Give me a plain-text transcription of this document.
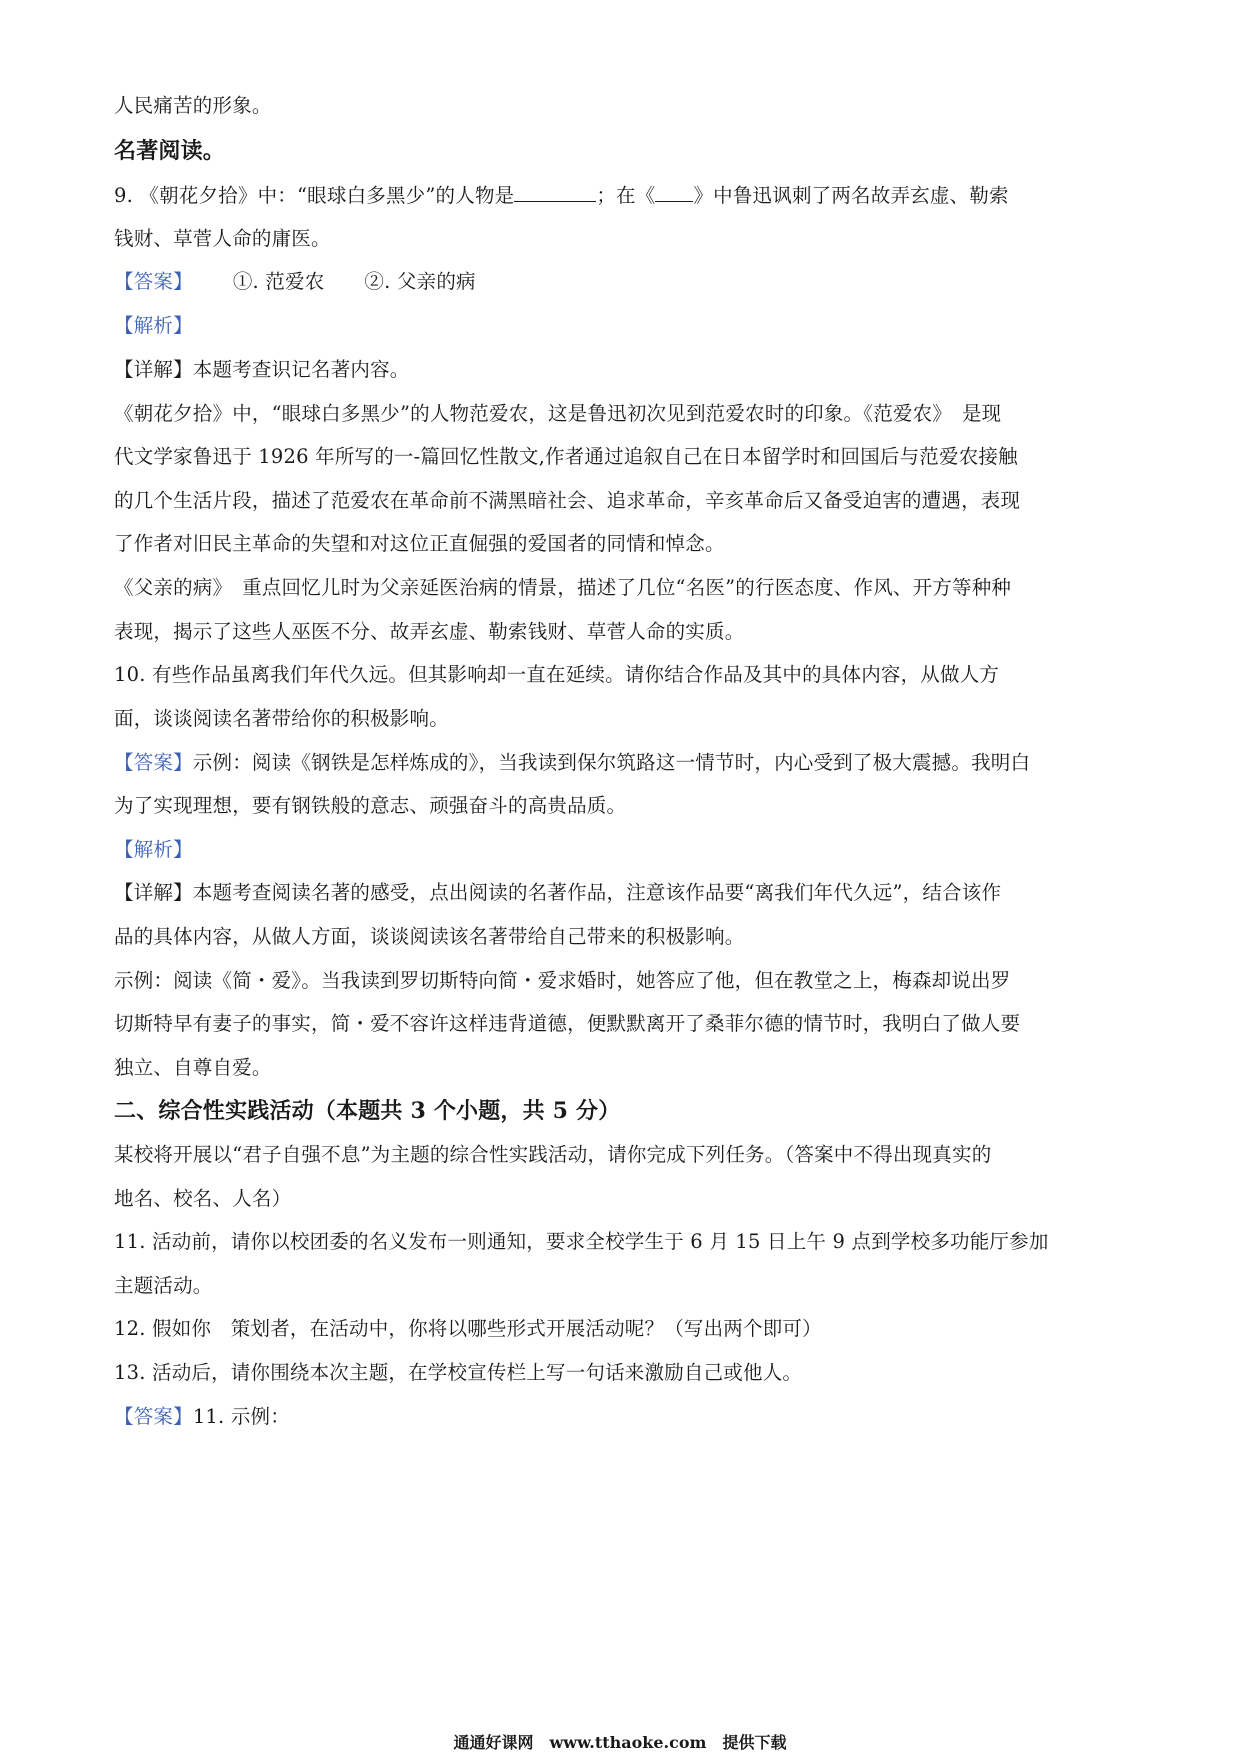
人民痛苦的形象。
名著阅读。
9. 《朝花夕拾》中：“眼球白多黑少”的人物是	；在《 》中鲁迅讽刺了两名故弄玄虚、勒索
钱财、草菅人命的庸医。
【答案】 ①. 范爱农 ②. 父亲的病
【解析】
【详解】本题考查识记名著内容。
《朝花夕拾》中，“眼球白多黑少”的人物范爱农，这是鲁迅初次见到范爱农时的印象。《范爱农》　是现
代文学家鲁迅于 1926 年所写的一-篇回忆性散文,作者通过追叙自己在日本留学时和回国后与范爱农接触
的几个生活片段，描述了范爱农在革命前不满黑暗社会、追求革命，辛亥革命后又备受迫害的遭遇，表现
了作者对旧民主革命的失望和对这位正直倔强的爱国者的同情和悼念。
《父亲的病》　重点回忆儿时为父亲延医治病的情景，描述了几位“名医”的行医态度、作风、开方等种种
表现，揭示了这些人巫医不分、故弄玄虚、勒索钱财、草菅人命的实质。
10. 有些作品虽离我们年代久远。但其影响却一直在延续。请你结合作品及其中的具体内容，从做人方
面，谈谈阅读名著带给你的积极影响。
【答案】示例：阅读《钢铁是怎样炼成的》，当我读到保尔筑路这一情节时，内心受到了极大震撼。我明白
为了实现理想，要有钢铁般的意志、顽强奋斗的高贵品质。
【解析】
【详解】本题考查阅读名著的感受，点出阅读的名著作品，注意该作品要“离我们年代久远”，结合该作
品的具体内容，从做人方面，谈谈阅读该名著带给自己带来的积极影响。
示例：阅读《简・爱》。当我读到罗切斯特向简・爱求婚时，她答应了他，但在教堂之上，梅森却说出罗
切斯特早有妻子的事实，简・爱不容许这样违背道德，便默默离开了桑菲尔德的情节时，我明白了做人要
独立、自尊自爱。
二、综合性实践活动（本题共 3 个小题，共 5 分）
某校将开展以“君子自强不息”为主题的综合性实践活动，请你完成下列任务。（答案中不得出现真实的
地名、校名、人名）
11. 活动前，请你以校团委的名义发布一则通知，要求全校学生于 6 月 15 日上午 9 点到学校多功能厅参加
主题活动。
12. 假如你　策划者，在活动中，你将以哪些形式开展活动呢？（写出两个即可）
13. 活动后，请你围绕本次主题，在学校宣传栏上写一句话来激励自己或他人。
【答案】11. 示例：
通通好课网　www.tthaoke.com　提供下载
